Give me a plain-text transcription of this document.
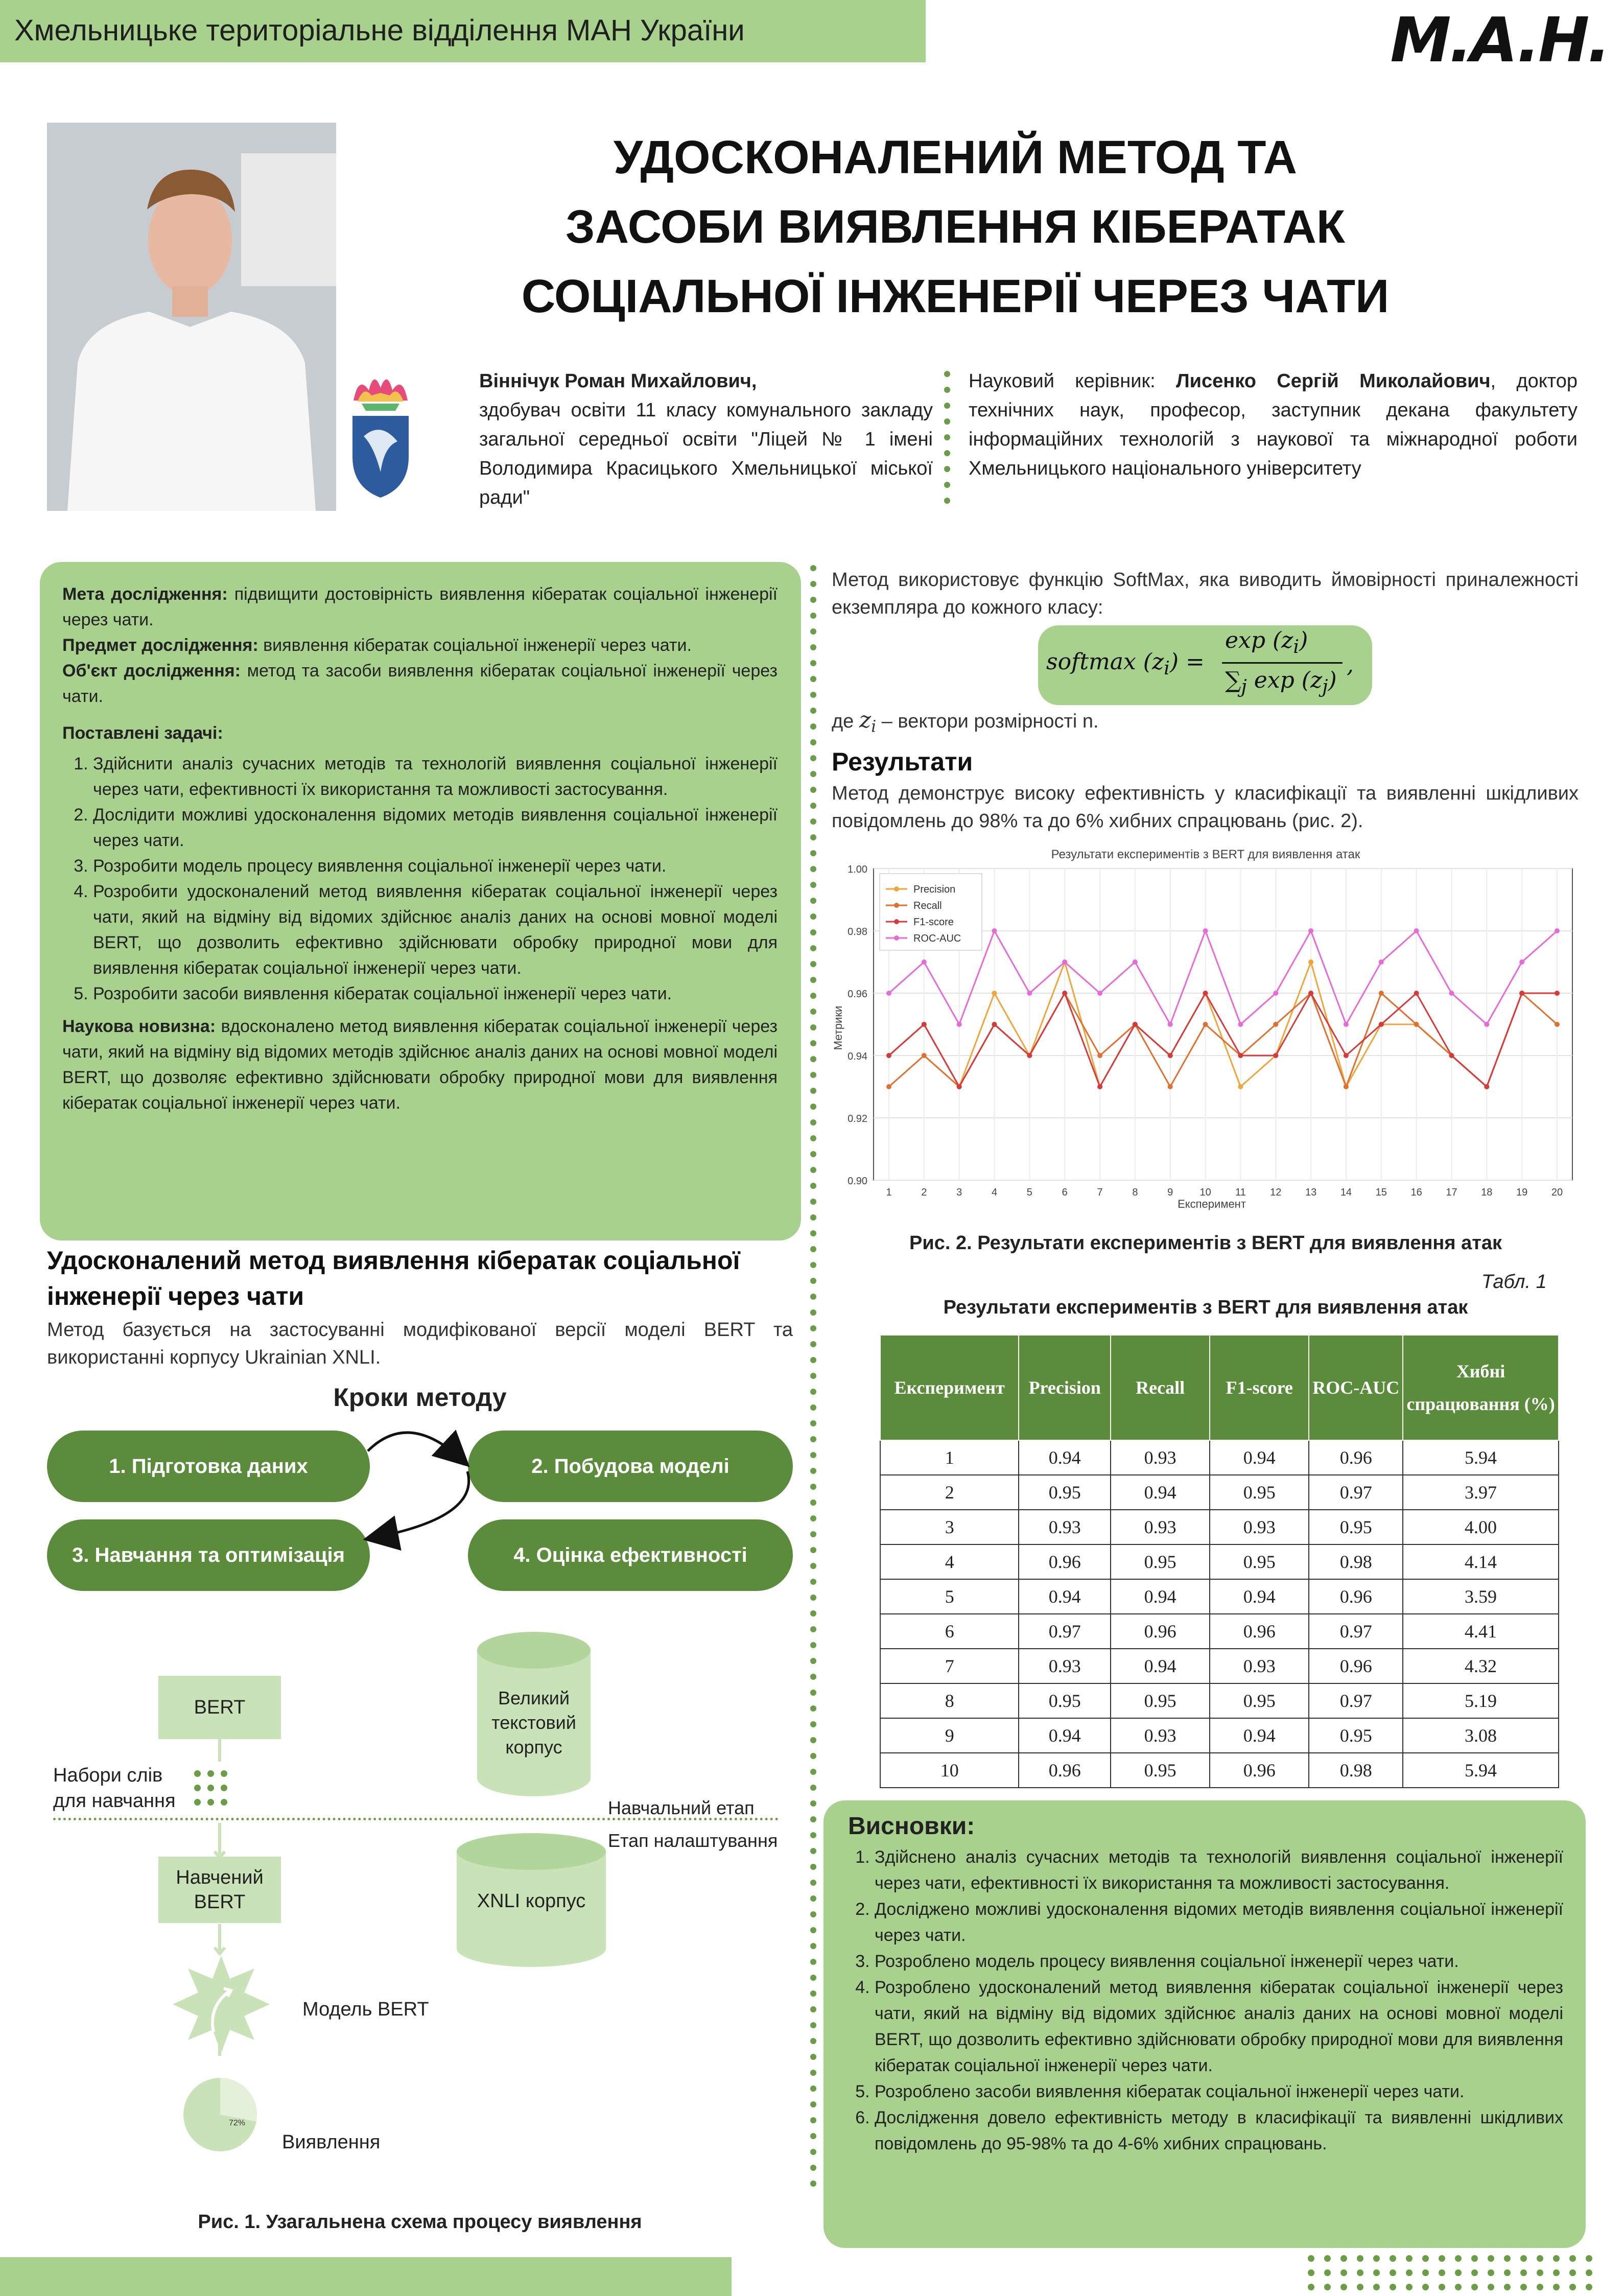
Хмельницьке територіальне відділення МАН України	M.A.H.
УДОСКОНАЛЕНИЙ МЕТОД ТА
ЗАСОБИ ВИЯВЛЕННЯ КІБЕРАТАК
СОЦІАЛЬНОЇ ІНЖЕНЕРІЇ ЧЕРЕЗ ЧАТИ
Віннічук Роман Михайлович,
здобувач освіти 11 класу комунального закладу загальної середньої освіти "Ліцей № 1 імені Володимира Красицького Хмельницької міської ради"
Науковий керівник: Лисенко Сергій Миколайович, доктор технічних наук, професор, заступник декана факультету інформаційних технологій з наукової та міжнародної роботи Хмельницького національного університету

Мета дослідження: підвищити достовірність виявлення кібератак соціальної інженерії через чати.
Предмет дослідження: виявлення кібератак соціальної інженерії через чати.
Об'єкт дослідження: метод та засоби виявлення кібератак соціальної інженерії через чати.

Поставлені задачі:

1. Здійснити аналіз сучасних методів та технологій виявлення соціальної інженерії через чати, ефективності їх використання та можливості застосування.
2. Дослідити можливі удосконалення відомих методів виявлення соціальної інженерії через чати.
3. Розробити модель процесу виявлення соціальної інженерії через чати.
4. Розробити удосконалений метод виявлення кібератак соціальної інженерії через чати, який на відміну від відомих здійснює аналіз даних на основі мовної моделі BERT, що дозволить ефективно здійснювати обробку природної мови для виявлення кібератак соціальної інженерії через чати.
5. Розробити засоби виявлення кібератак соціальної інженерії через чати.

Наукова новизна: вдосконалено метод виявлення кібератак соціальної інженерії через чати, який на відміну від відомих методів здійснює аналіз даних на основі мовної моделі BERT, що дозволяє ефективно здійснювати обробку природної мови для виявлення кібератак соціальної інженерії через чати.

Удосконалений метод виявлення кібератак соціальної інженерії через чати
Метод базується на застосуванні модифікованої версії моделі BERT та використанні корпусу Ukrainian XNLI.
Кроки методу
1. Підготовка даних	2. Побудова моделі
3. Навчання та оптимізація	4. Оцінка ефективності
BERT	Великий текстовий корпус
Набори слів для навчання	Навчальний етап
Етап налаштування
Навчений BERT	XNLI корпус
Модель BERT
72%
Виявлення
Рис. 1. Узагальнена схема процесу виявлення
Метод використовує функцію SoftMax, яка виводить ймовірності приналежності екземпляра до кожного класу:
softmax $(z_i)$ =
$\exp (z_i)$
$\sum_j$ $\exp (z_j)$
,
де $z_i$ – вектори розмірності n.
Результати
Метод демонструє високу ефективність у класифікації та виявленні шкідливих повідомлень до 98% та до 6% хибних спрацювань (рис. 2).
Результати експериментів з BERT для виявлення атак
0.90
0.92
0.94
0.96
0.98
1.00
1	2	3	4	5	6	7	8	9	10 11 12 13 14 15 16 17 18 19 20
Precision
Recall
F1-score
ROC-AUC
Експеримент
Метрики
Рис. 2. Результати експериментів з BERT для виявлення атак
Табл. 1
Результати експериментів з BERT для виявлення атак
Експеримент	Precision	Recall	F1-score	ROC-AUC	Хибні спрацювання (%)
1	0.94	0.93	0.94	0.96	5.94
2	0.95	0.94	0.95	0.97	3.97
3	0.93	0.93	0.93	0.95	4.00
4	0.96	0.95	0.95	0.98	4.14
5	0.94	0.94	0.94	0.96	3.59
6	0.97	0.96	0.96	0.97	4.41
7	0.93	0.94	0.93	0.96	4.32
8	0.95	0.95	0.95	0.97	5.19
9	0.94	0.93	0.94	0.95	3.08
10	0.96	0.95	0.96	0.98	5.94
Висновки:
1. Здійснено аналіз сучасних методів та технологій виявлення соціальної інженерії через чати, ефективності їх використання та можливості застосування.
2. Досліджено можливі удосконалення відомих методів виявлення соціальної інженерії через чати.
3. Розроблено модель процесу виявлення соціальної інженерії через чати.
4. Розроблено удосконалений метод виявлення кібератак соціальної інженерії через чати, який на відміну від відомих здійснює аналіз даних на основі мовної моделі BERT, що дозволить ефективно здійснювати обробку природної мови для виявлення кібератак соціальної інженерії через чати.
5. Розроблено засоби виявлення кібератак соціальної інженерії через чати.
6. Дослідження довело ефективність методу в класифікації та виявленні шкідливих повідомлень до 95-98% та до 4-6% хибних спрацювань.
